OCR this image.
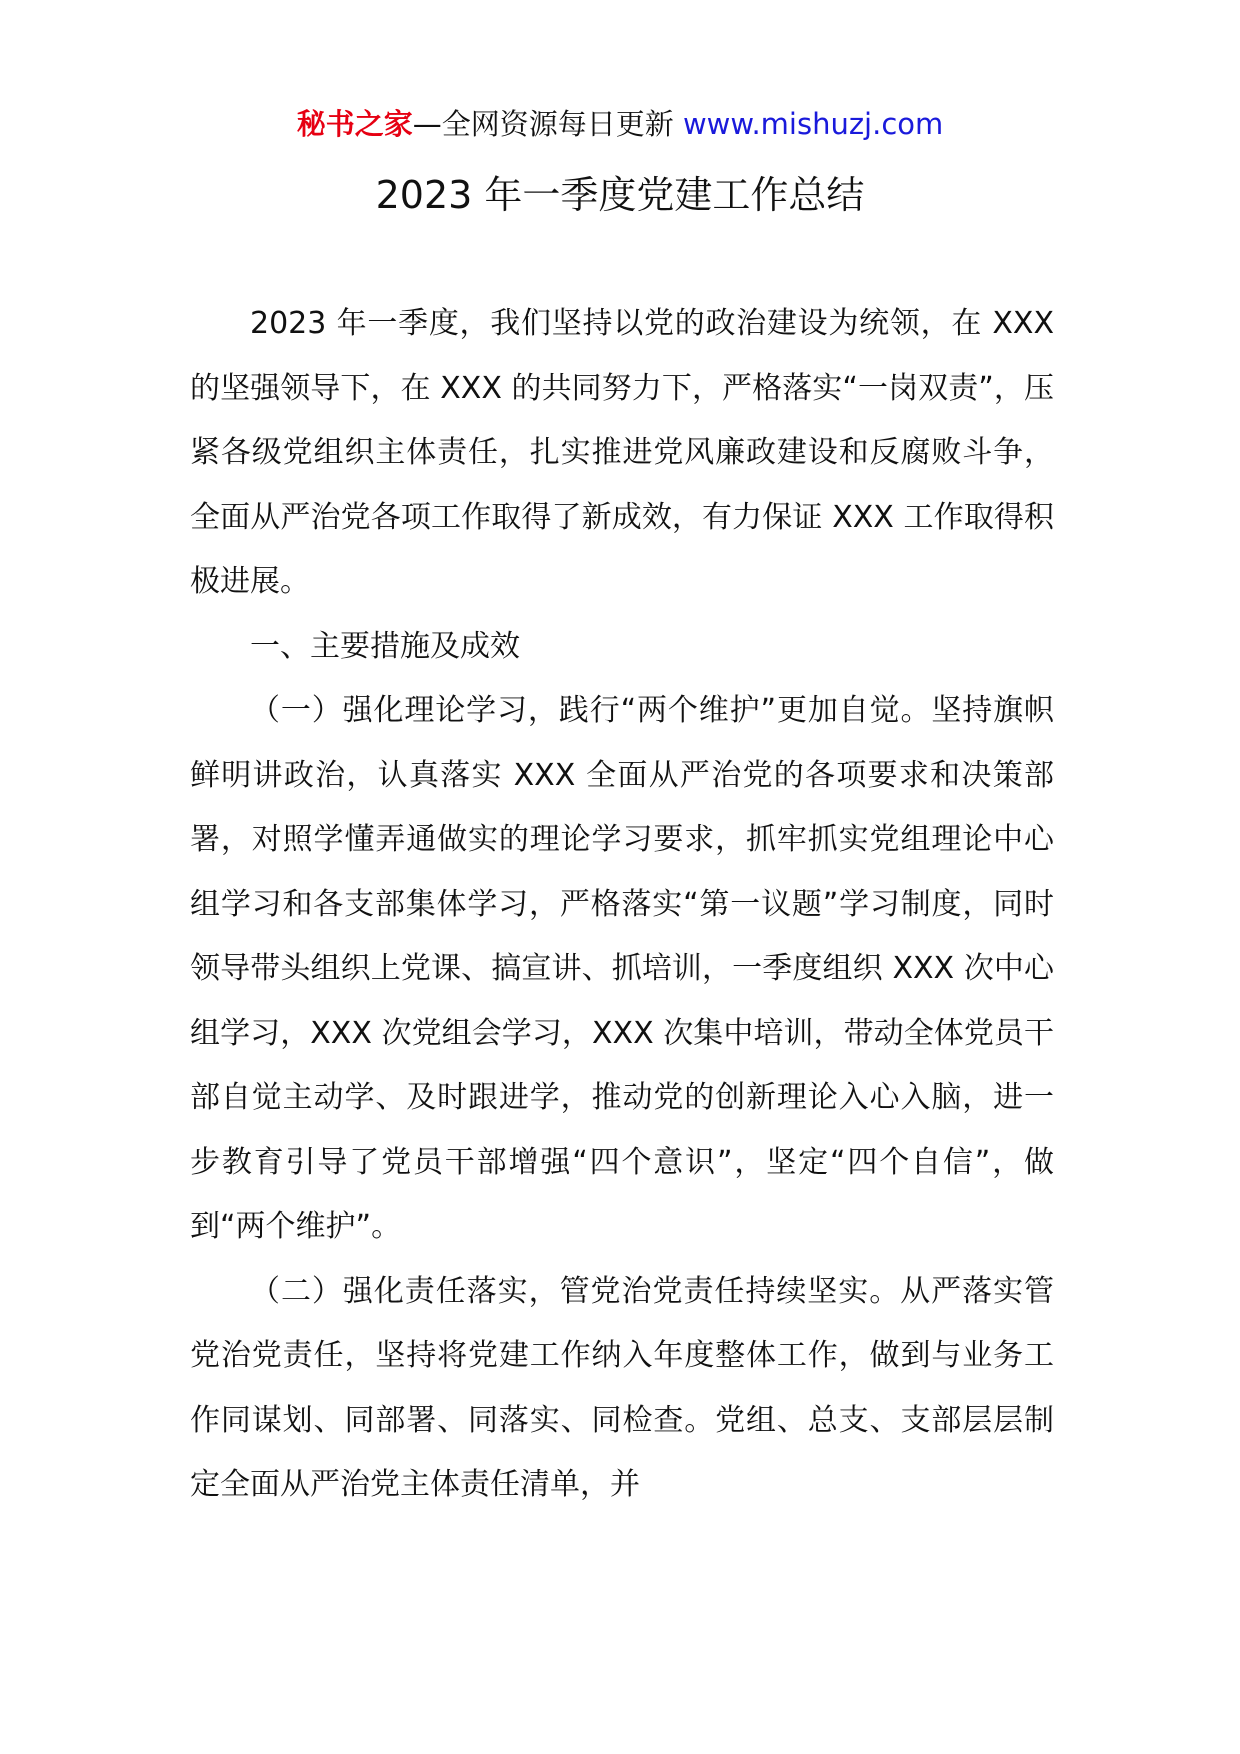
秘书之家—全网资源每日更新 www.mishuzj.com
2023 年一季度党建工作总结

2023 年一季度，我们坚持以党的政治建设为统领，在 XXX 的坚强领导下，在 XXX 的共同努力下，严格落实“一岗双责”，压紧各级党组织主体责任，扎实推进党风廉政建设和反腐败斗争，全面从严治党各项工作取得了新成效，有力保证 XXX 工作取得积极进展。

一、主要措施及成效

（一）强化理论学习，践行“两个维护”更加自觉。坚持旗帜鲜明讲政治，认真落实 XXX 全面从严治党的各项要求和决策部署，对照学懂弄通做实的理论学习要求，抓牢抓实党组理论中心组学习和各支部集体学习，严格落实“第一议题”学习制度，同时领导带头组织上党课、搞宣讲、抓培训，一季度组织 XXX 次中心组学习，XXX 次党组会学习，XXX 次集中培训，带动全体党员干部自觉主动学、及时跟进学，推动党的创新理论入心入脑，进一步教育引导了党员干部增强“四个意识”，坚定“四个自信”，做到“两个维护”。

（二）强化责任落实，管党治党责任持续坚实。从严落实管党治党责任，坚持将党建工作纳入年度整体工作，做到与业务工作同谋划、同部署、同落实、同检查。党组、总支、支部层层制定全面从严治党主体责任清单，并
